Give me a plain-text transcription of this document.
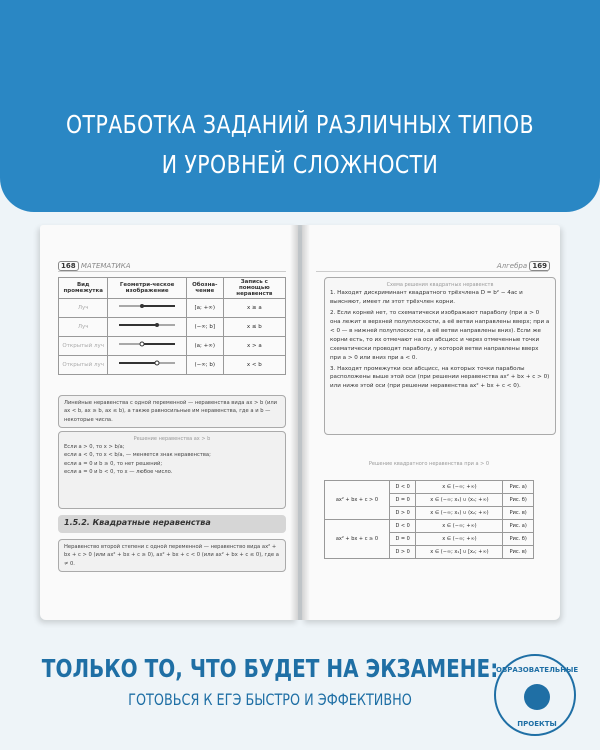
ОТРАБОТКА ЗАДАНИЙ РАЗЛИЧНЫХ ТИПОВ
И УРОВНЕЙ СЛОЖНОСТИ
168 МАТЕМАТИКА
Вид промежутка	Геометри-ческое изображение	Обозна-чение	Запись с помощью неравенств
Луч		[a; +∞)	x ≥ a
Луч		(−∞; b]	x ≤ b
Открытый луч		(a; +∞)	x > a
Открытый луч		(−∞; b)	x < b
Линейные неравенства с одной переменной — неравенства вида ax > b (или ax < b, ax ≥ b, ax ≤ b), а также равносильные им неравенства, где a и b — некоторые числа.
Решение неравенства ax > b
Если a > 0, то x > b/a;
если a < 0, то x < b/a, — меняется знак неравенства;
если a = 0 и b ≥ 0, то нет решений;
если a = 0 и b < 0, то x — любое число.
1.5.2. Квадратные неравенства
Неравенство второй степени с одной переменной — неравенство вида ax² + bx + c > 0 (или ax² + bx + c ≥ 0), ax² + bx + c < 0 (или ax² + bx + c ≤ 0), где a ≠ 0.
Алгебра 169
Схема решения квадратных неравенств
1. Находят дискриминант квадратного трёхчлена D = b² − 4ac и выясняют, имеет ли этот трёхчлен корни.
2. Если корней нет, то схематически изображают параболу (при a > 0 она лежит в верхней полуплоскости, а её ветви направлены вверх; при a < 0 — в нижней полуплоскости, а её ветви направлены вниз). Если же корни есть, то их отмечают на оси абсцисс и через отмеченные точки схематически проводят параболу, у которой ветви направлены вверх при a > 0 или вниз при a < 0.
3. Находят промежутки оси абсцисс, на которых точки параболы расположены выше этой оси (при решении неравенства ax² + bx + c > 0) или ниже этой оси (при решении неравенства ax² + bx + c < 0).
Решение квадратного неравенства при a > 0
ax² + bx + c > 0	D < 0	x ∈ (−∞; +∞)	Рис. а)
	D = 0	x ∈ (−∞; x₁) ∪ (x₁; +∞)	Рис. б)
	D > 0	x ∈ (−∞; x₁) ∪ (x₂; +∞)	Рис. в)
ax² + bx + c ≥ 0	D < 0	x ∈ (−∞; +∞)	Рис. а)
	D = 0	x ∈ (−∞; +∞)	Рис. б)
	D > 0	x ∈ (−∞; x₁] ∪ [x₂; +∞)	Рис. в)
ТОЛЬКО ТО, ЧТО БУДЕТ НА ЭКЗАМЕНЕ:
ГОТОВЬСЯ К ЕГЭ БЫСТРО И ЭФФЕКТИВНО
ОБРАЗОВАТЕЛЬНЫЕ
ПРОЕКТЫ
